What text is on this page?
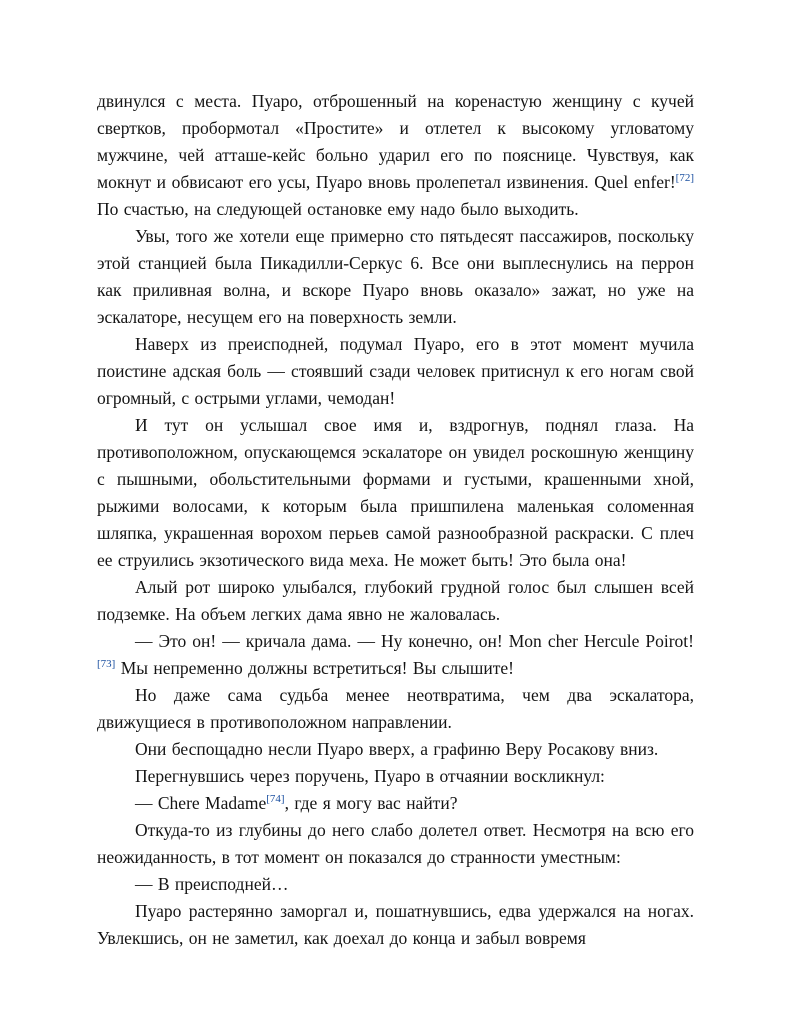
двинулся с места. Пуаро, отброшенный на коренастую женщину с кучей свертков, пробормотал «Простите» и отлетел к высокому угловатому мужчине, чей атташе-кейс больно ударил его по пояснице. Чувствуя, как мокнут и обвисают его усы, Пуаро вновь пролепетал извинения. Quel enfer![72] По счастью, на следующей остановке ему надо было выходить.

Увы, того же хотели еще примерно сто пятьдесят пассажиров, поскольку этой станцией была Пикадилли-Серкус 6. Все они выплеснулись на перрон как приливная волна, и вскоре Пуаро вновь оказало» зажат, но уже на эскалаторе, несущем его на поверхность земли.

Наверх из преисподней, подумал Пуаро, его в этот момент мучила поистине адская боль — стоявший сзади человек притиснул к его ногам свой огромный, с острыми углами, чемодан!

И тут он услышал свое имя и, вздрогнув, поднял глаза. На противоположном, опускающемся эскалаторе он увидел роскошную женщину с пышными, обольстительными формами и густыми, крашенными хной, рыжими волосами, к которым была пришпилена маленькая соломенная шляпка, украшенная ворохом перьев самой разнообразной раскраски. С плеч ее струились экзотического вида меха. Не может быть! Это была она!

Алый рот широко улыбался, глубокий грудной голос был слышен всей подземке. На объем легких дама явно не жаловалась.

— Это он! — кричала дама. — Ну конечно, он! Mon cher Hercule Poirot![73] Мы непременно должны встретиться! Вы слышите!

Но даже сама судьба менее неотвратима, чем два эскалатора, движущиеся в противоположном направлении.

Они беспощадно несли Пуаро вверх, а графиню Веру Росакову вниз.

Перегнувшись через поручень, Пуаро в отчаянии воскликнул:

— Chere Madame[74], где я могу вас найти?

Откуда-то из глубины до него слабо долетел ответ. Несмотря на всю его неожиданность, в тот момент он показался до странности уместным:

— В преисподней…

Пуаро растерянно заморгал и, пошатнувшись, едва удержался на ногах. Увлекшись, он не заметил, как доехал до конца и забыл вовремя
